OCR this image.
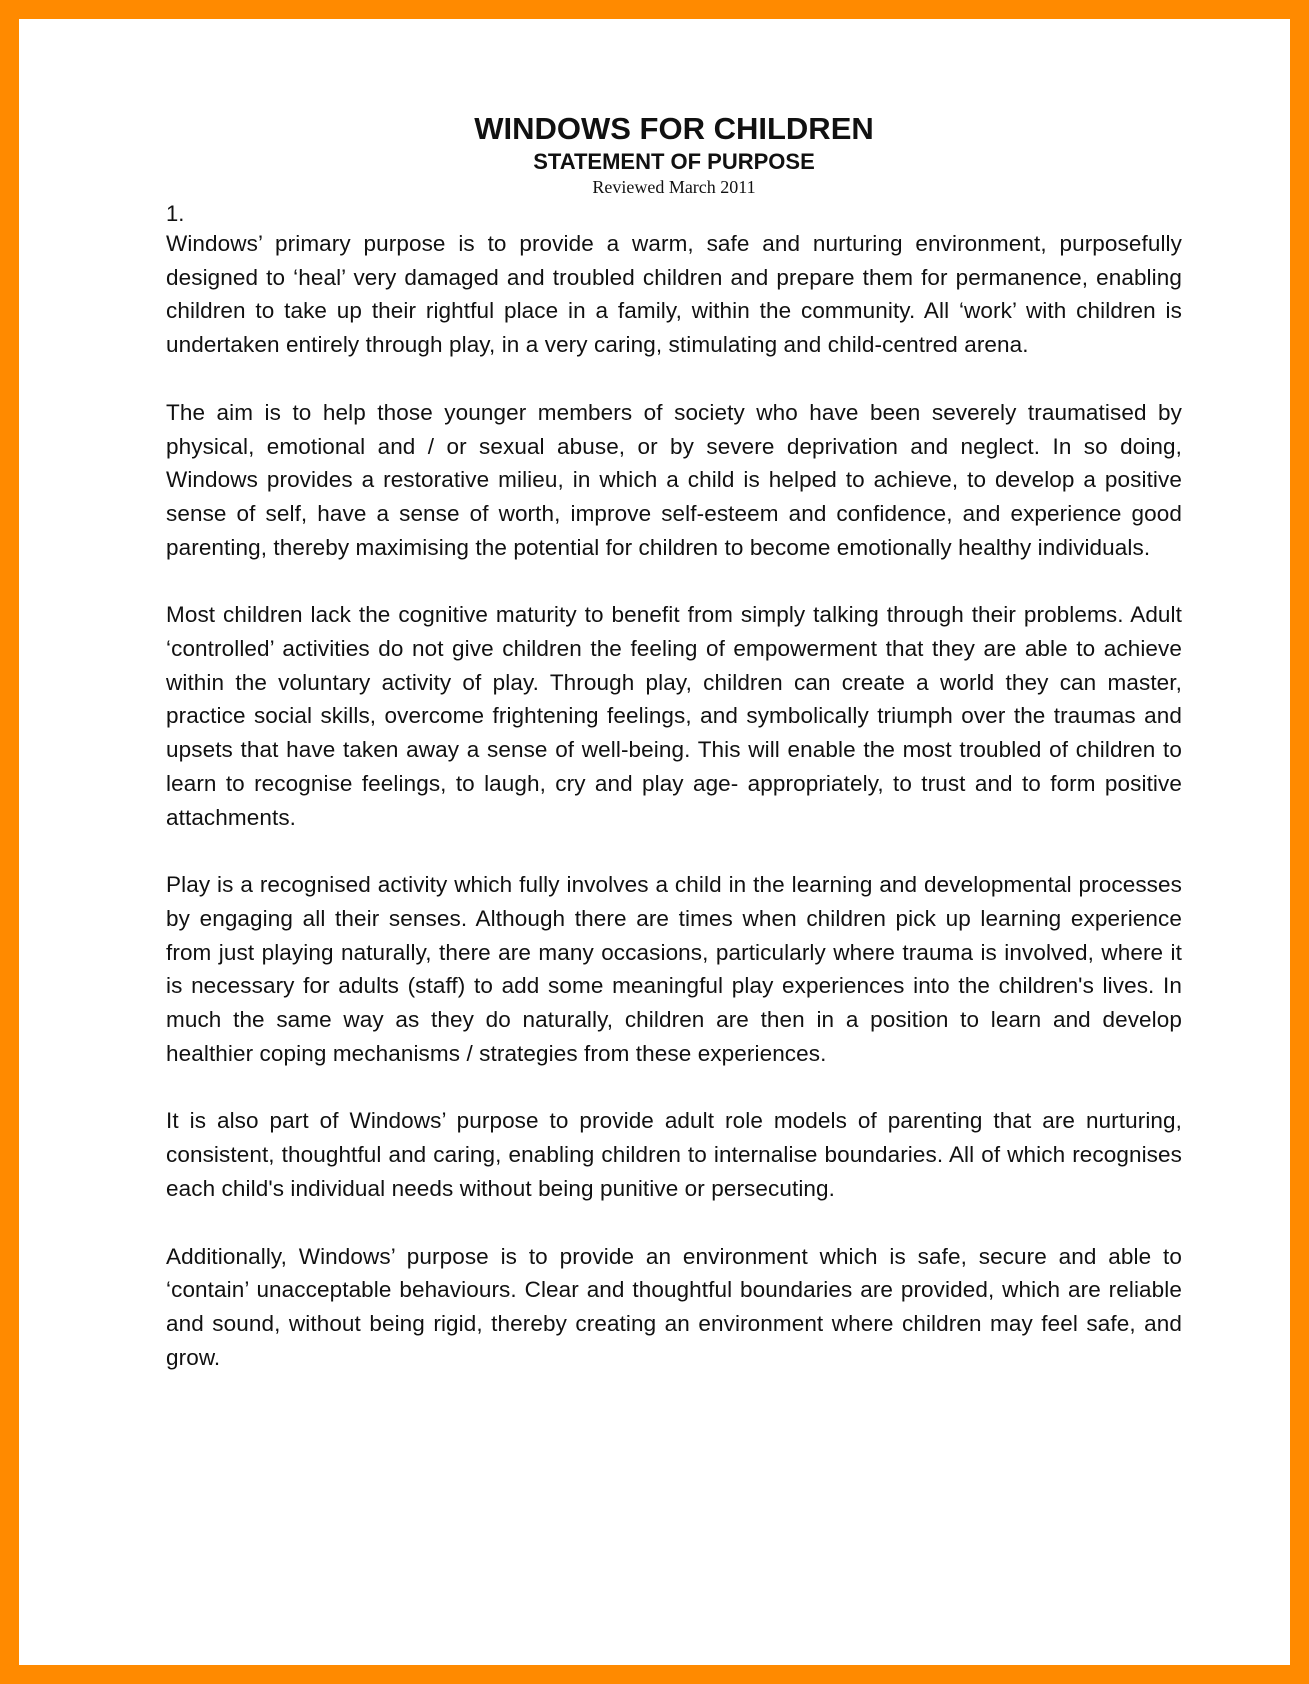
WINDOWS FOR CHILDREN
STATEMENT OF PURPOSE

Reviewed March 2011

1.

Windows’ primary purpose is to provide a warm, safe and nurturing environment, purposefully designed to ‘heal’ very damaged and troubled children and prepare them for permanence, enabling children to take up their rightful place in a family, within the community. All ‘work’ with children is undertaken entirely through play, in a very caring, stimulating and child-centred arena.

The aim is to help those younger members of society who have been severely traumatised by physical, emotional and / or sexual abuse, or by severe deprivation and neglect. In so doing, Windows provides a restorative milieu, in which a child is helped to achieve, to develop a positive sense of self, have a sense of worth, improve self-esteem and confidence, and experience good parenting, thereby maximising the potential for children to become emotionally healthy individuals.

Most children lack the cognitive maturity to benefit from simply talking through their problems. Adult ‘controlled’ activities do not give children the feeling of empowerment that they are able to achieve within the voluntary activity of play. Through play, children can create a world they can master, practice social skills, overcome frightening feelings, and symbolically triumph over the traumas and upsets that have taken away a sense of well-being. This will enable the most troubled of children to learn to recognise feelings, to laugh, cry and play age- appropriately, to trust and to form positive attachments.

Play is a recognised activity which fully involves a child in the learning and developmental processes by engaging all their senses. Although there are times when children pick up learning experience from just playing naturally, there are many occasions, particularly where trauma is involved, where it is necessary for adults (staff) to add some meaningful play experiences into the children's lives. In much the same way as they do naturally, children are then in a position to learn and develop healthier coping mechanisms / strategies from these experiences.

It is also part of Windows’ purpose to provide adult role models of parenting that are nurturing, consistent, thoughtful and caring, enabling children to internalise boundaries. All of which recognises each child's individual needs without being punitive or persecuting.

Additionally, Windows’ purpose is to provide an environment which is safe, secure and able to ‘contain’ unacceptable behaviours. Clear and thoughtful boundaries are provided, which are reliable and sound, without being rigid, thereby creating an environment where children may feel safe, and grow.
